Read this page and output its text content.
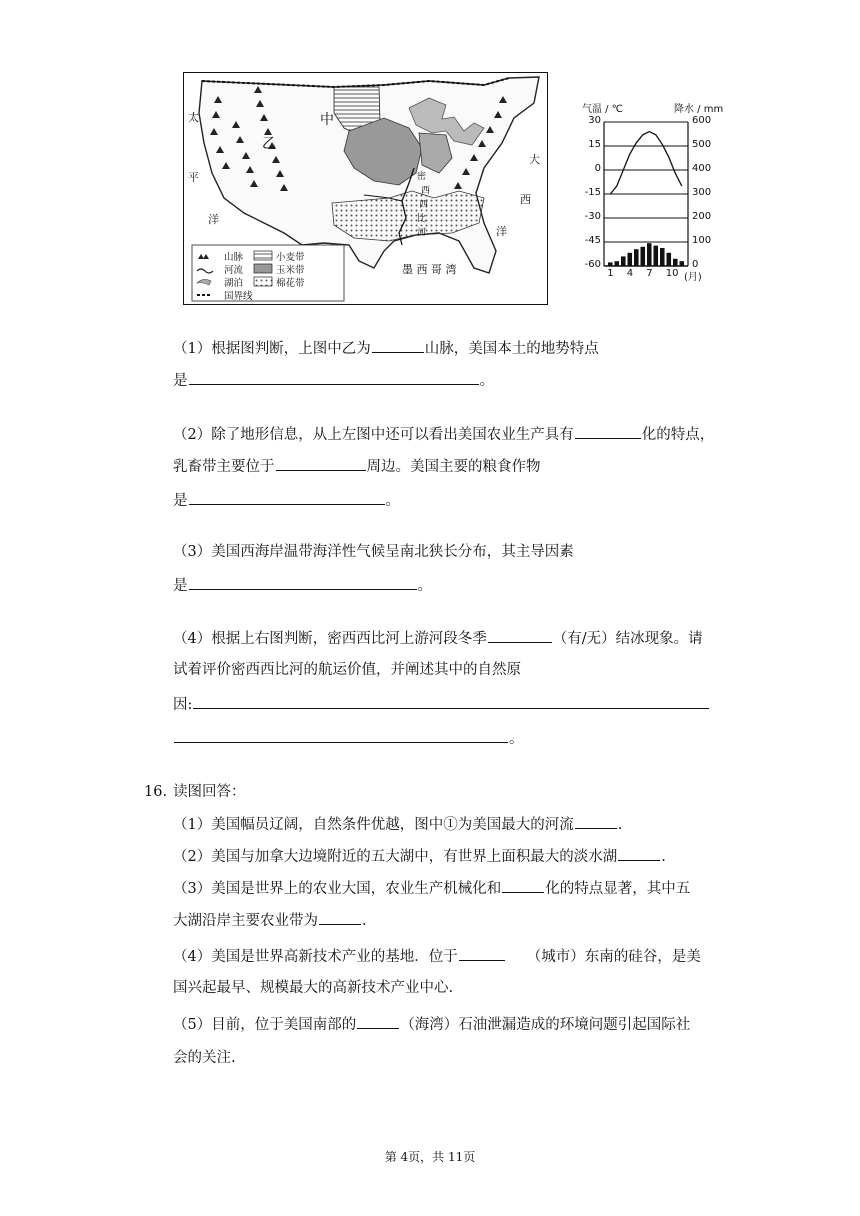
太
平
洋
大
西
洋
中
乙
密
西
西
比
河
墨 西 哥 湾
山脉
河流
湖泊
国界线
小麦带
玉米带
棉花带
气温 / ℃	降水 / mm
30	600
15	500
0	400
-15	300
-30	200
-45	100
-60	0
1 4 7 10 (月)
（1）根据图判断，上图中乙为	山脉，美国本土的地势特点
是	。
（2）除了地形信息，从上左图中还可以看出美国农业生产具有	化的特点，
乳畜带主要位于	周边。美国主要的粮食作物
是	。
（3）美国西海岸温带海洋性气候呈南北狭长分布，其主导因素
是	。
（4）根据上右图判断，密西西比河上游河段冬季	（有/无）结冰现象。请
试着评价密西西比河的航运价值，并阐述其中的自然原
因:
。
16. 读图回答：
（1）美国幅员辽阔，自然条件优越，图中①为美国最大的河流	.
（2）美国与加拿大边境附近的五大湖中，有世界上面积最大的淡水湖	.
（3）美国是世界上的农业大国，农业生产机械化和	化的特点显著，其中五
大湖沿岸主要农业带为	.
（4）美国是世界高新技术产业的基地．位于	（城市）东南的硅谷，是美
国兴起最早、规模最大的高新技术产业中心.
（5）目前，位于美国南部的	（海湾）石油泄漏造成的环境问题引起国际社
会的关注.
第 4页，共 11页
